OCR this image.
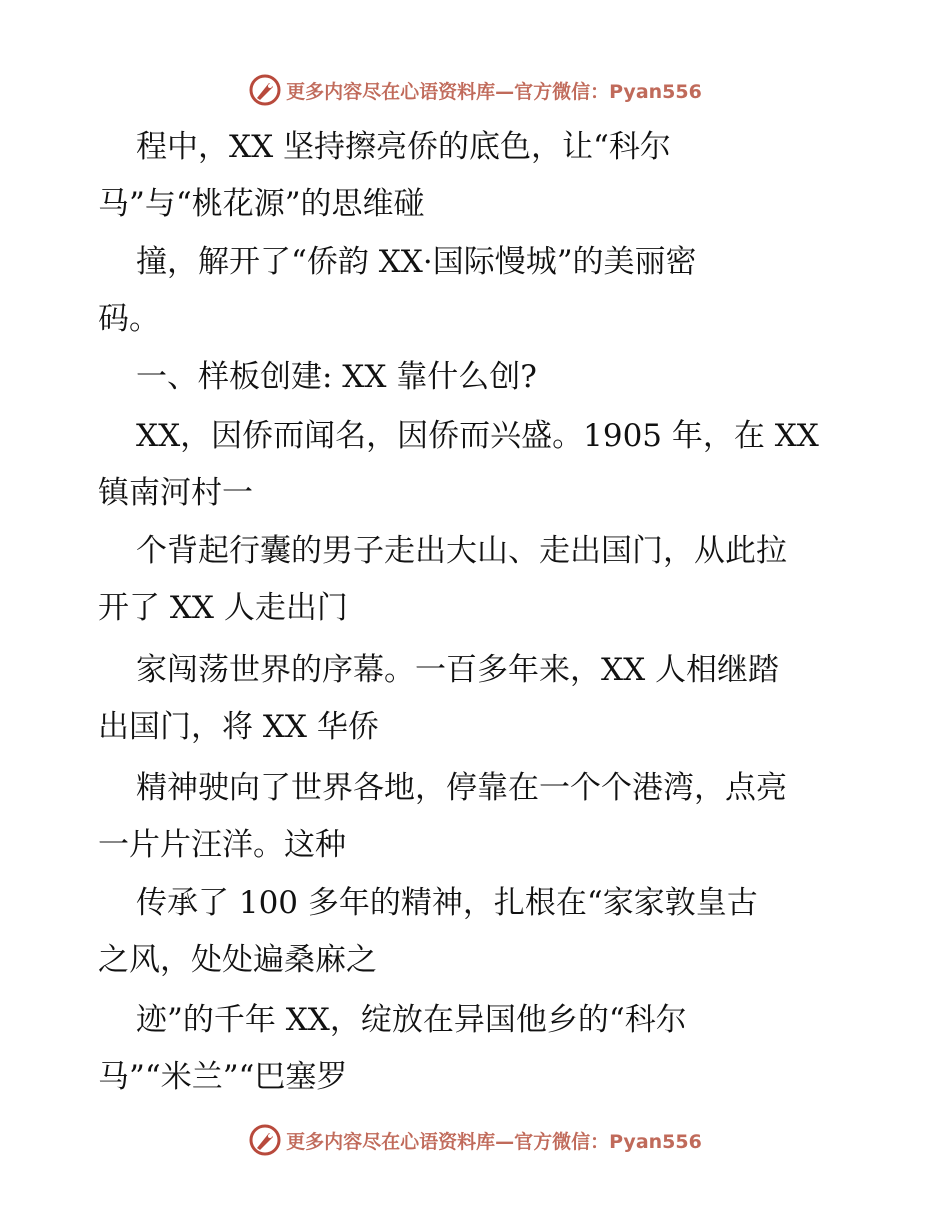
更多内容尽在心语资料库—官方微信：Pyan556
程中，XX 坚持擦亮侨的底色，让“科尔
马”与“桃花源”的思维碰
撞，解开了“侨韵 XX·国际慢城”的美丽密
码。
一、样板创建: XX 靠什么创?
XX，因侨而闻名，因侨而兴盛。1905 年，在 XX
镇南河村一
个背起行囊的男子走出大山、走出国门，从此拉
开了 XX 人走出门
家闯荡世界的序幕。一百多年来，XX 人相继踏
出国门，将 XX 华侨
精神驶向了世界各地，停靠在一个个港湾，点亮
一片片汪洋。这种
传承了 100 多年的精神，扎根在“家家敦皇古
之风，处处遍桑麻之
迹”的千年 XX，绽放在异国他乡的“科尔
马”“米兰”“巴塞罗
更多内容尽在心语资料库—官方微信：Pyan556
